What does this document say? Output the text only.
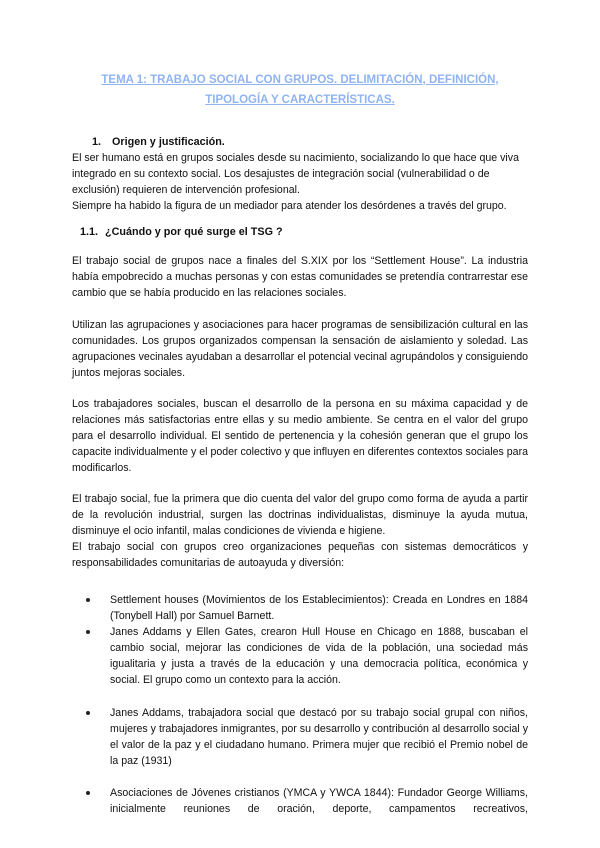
TEMA 1: TRABAJO SOCIAL CON GRUPOS. DELIMITACIÓN, DEFINICIÓN,
TIPOLOGÍA Y CARACTERÍSTICAS.
1. Origen y justificación.
El ser humano está en grupos sociales desde su nacimiento, socializando lo que hace que viva integrado en su contexto social. Los desajustes de integración social (vulnerabilidad o de exclusión) requieren de intervención profesional.
Siempre ha habido la figura de un mediador para atender los desórdenes a través del grupo.
1.1. ¿Cuándo y por qué surge el TSG ?
El trabajo social de grupos nace a finales del S.XIX por los “Settlement House”. La industria había empobrecido a muchas personas y con estas comunidades se pretendía contrarrestar ese cambio que se había producido en las relaciones sociales.
Utilizan las agrupaciones y asociaciones para hacer programas de sensibilización cultural en las comunidades. Los grupos organizados compensan la sensación de aislamiento y soledad. Las agrupaciones vecinales ayudaban a desarrollar el potencial vecinal agrupándolos y consiguiendo juntos mejoras sociales.
Los trabajadores sociales, buscan el desarrollo de la persona en su máxima capacidad y de relaciones más satisfactorias entre ellas y su medio ambiente. Se centra en el valor del grupo para el desarrollo individual. El sentido de pertenencia y la cohesión generan que el grupo los capacite individualmente y el poder colectivo y que influyen en diferentes contextos sociales para modificarlos.
El trabajo social, fue la primera que dio cuenta del valor del grupo como forma de ayuda a partir de la revolución industrial, surgen las doctrinas individualistas, disminuye la ayuda mutua, disminuye el ocio infantil, malas condiciones de vivienda e higiene.
El trabajo social con grupos creo organizaciones pequeñas con sistemas democráticos y responsabilidades comunitarias de autoayuda y diversión:
Settlement houses (Movimientos de los Establecimientos): Creada en Londres en 1884 (Tonybell Hall) por Samuel Barnett.
Janes Addams y Ellen Gates, crearon Hull House en Chicago en 1888, buscaban el cambio social, mejorar las condiciones de vida de la población, una sociedad más igualitaria y justa a través de la educación y una democracia política, económica y social. El grupo como un contexto para la acción.
Janes Addams, trabajadora social que destacó por su trabajo social grupal con niños, mujeres y trabajadores inmigrantes, por su desarrollo y contribución al desarrollo social y el valor de la paz y el ciudadano humano. Primera mujer que recibió el Premio nobel de la paz (1931)
Asociaciones de Jóvenes cristianos (YMCA y YWCA 1844): Fundador George Williams, inicialmente reuniones de oración, deporte, campamentos recreativos,
